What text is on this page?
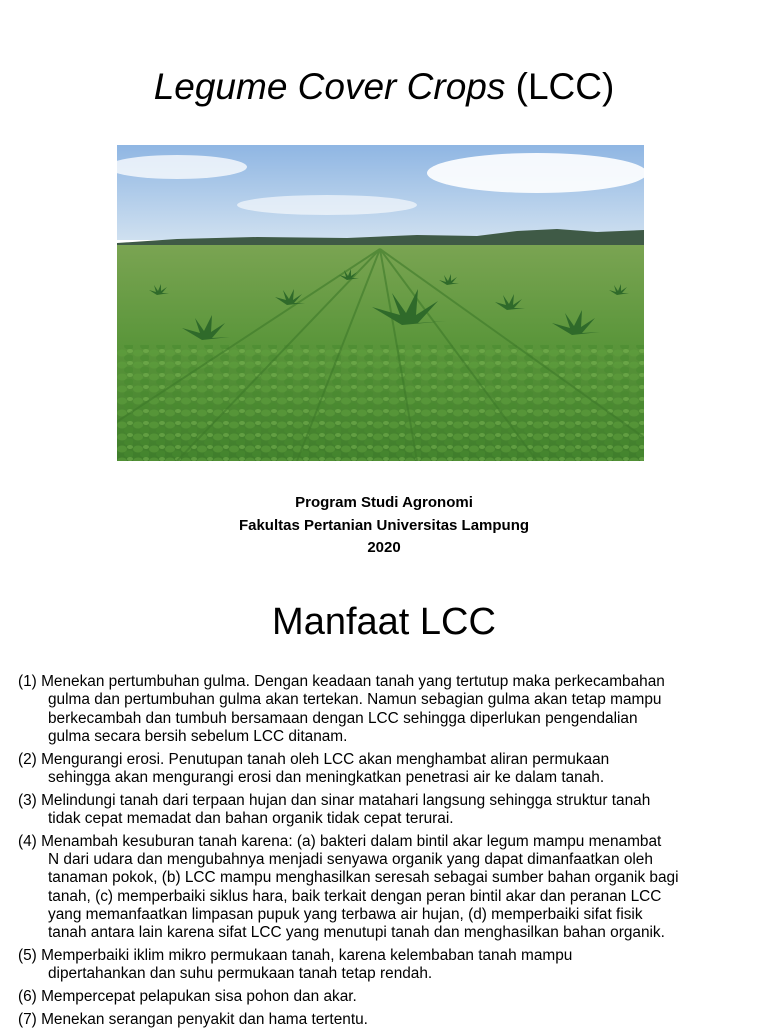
Legume Cover Crops (LCC)
Program Studi Agronomi
Fakultas Pertanian Universitas Lampung
2020
Manfaat LCC
(1) Menekan pertumbuhan gulma. Dengan keadaan tanah yang tertutup maka perkecambahan
gulma dan pertumbuhan gulma akan tertekan. Namun sebagian gulma akan tetap mampu
berkecambah dan tumbuh bersamaan dengan LCC sehingga diperlukan pengendalian
gulma secara bersih sebelum LCC ditanam.
(2) Mengurangi erosi. Penutupan tanah oleh LCC akan menghambat aliran permukaan
sehingga akan mengurangi erosi dan meningkatkan penetrasi air ke dalam tanah.
(3) Melindungi tanah dari terpaan hujan dan sinar matahari langsung sehingga struktur tanah
tidak cepat memadat dan bahan organik tidak cepat terurai.
(4) Menambah kesuburan tanah karena: (a) bakteri dalam bintil akar legum mampu menambat
N dari udara dan mengubahnya menjadi senyawa organik yang dapat dimanfaatkan oleh
tanaman pokok, (b) LCC mampu menghasilkan seresah sebagai sumber bahan organik bagi
tanah, (c) memperbaiki siklus hara, baik terkait dengan peran bintil akar dan peranan LCC
yang memanfaatkan limpasan pupuk yang terbawa air hujan, (d) memperbaiki sifat fisik
tanah antara lain karena sifat LCC yang menutupi tanah dan menghasilkan bahan organik.
(5) Memperbaiki iklim mikro permukaan tanah, karena kelembaban tanah mampu
dipertahankan dan suhu permukaan tanah tetap rendah.
(6) Mempercepat pelapukan sisa pohon dan akar.
(7) Menekan serangan penyakit dan hama tertentu.
